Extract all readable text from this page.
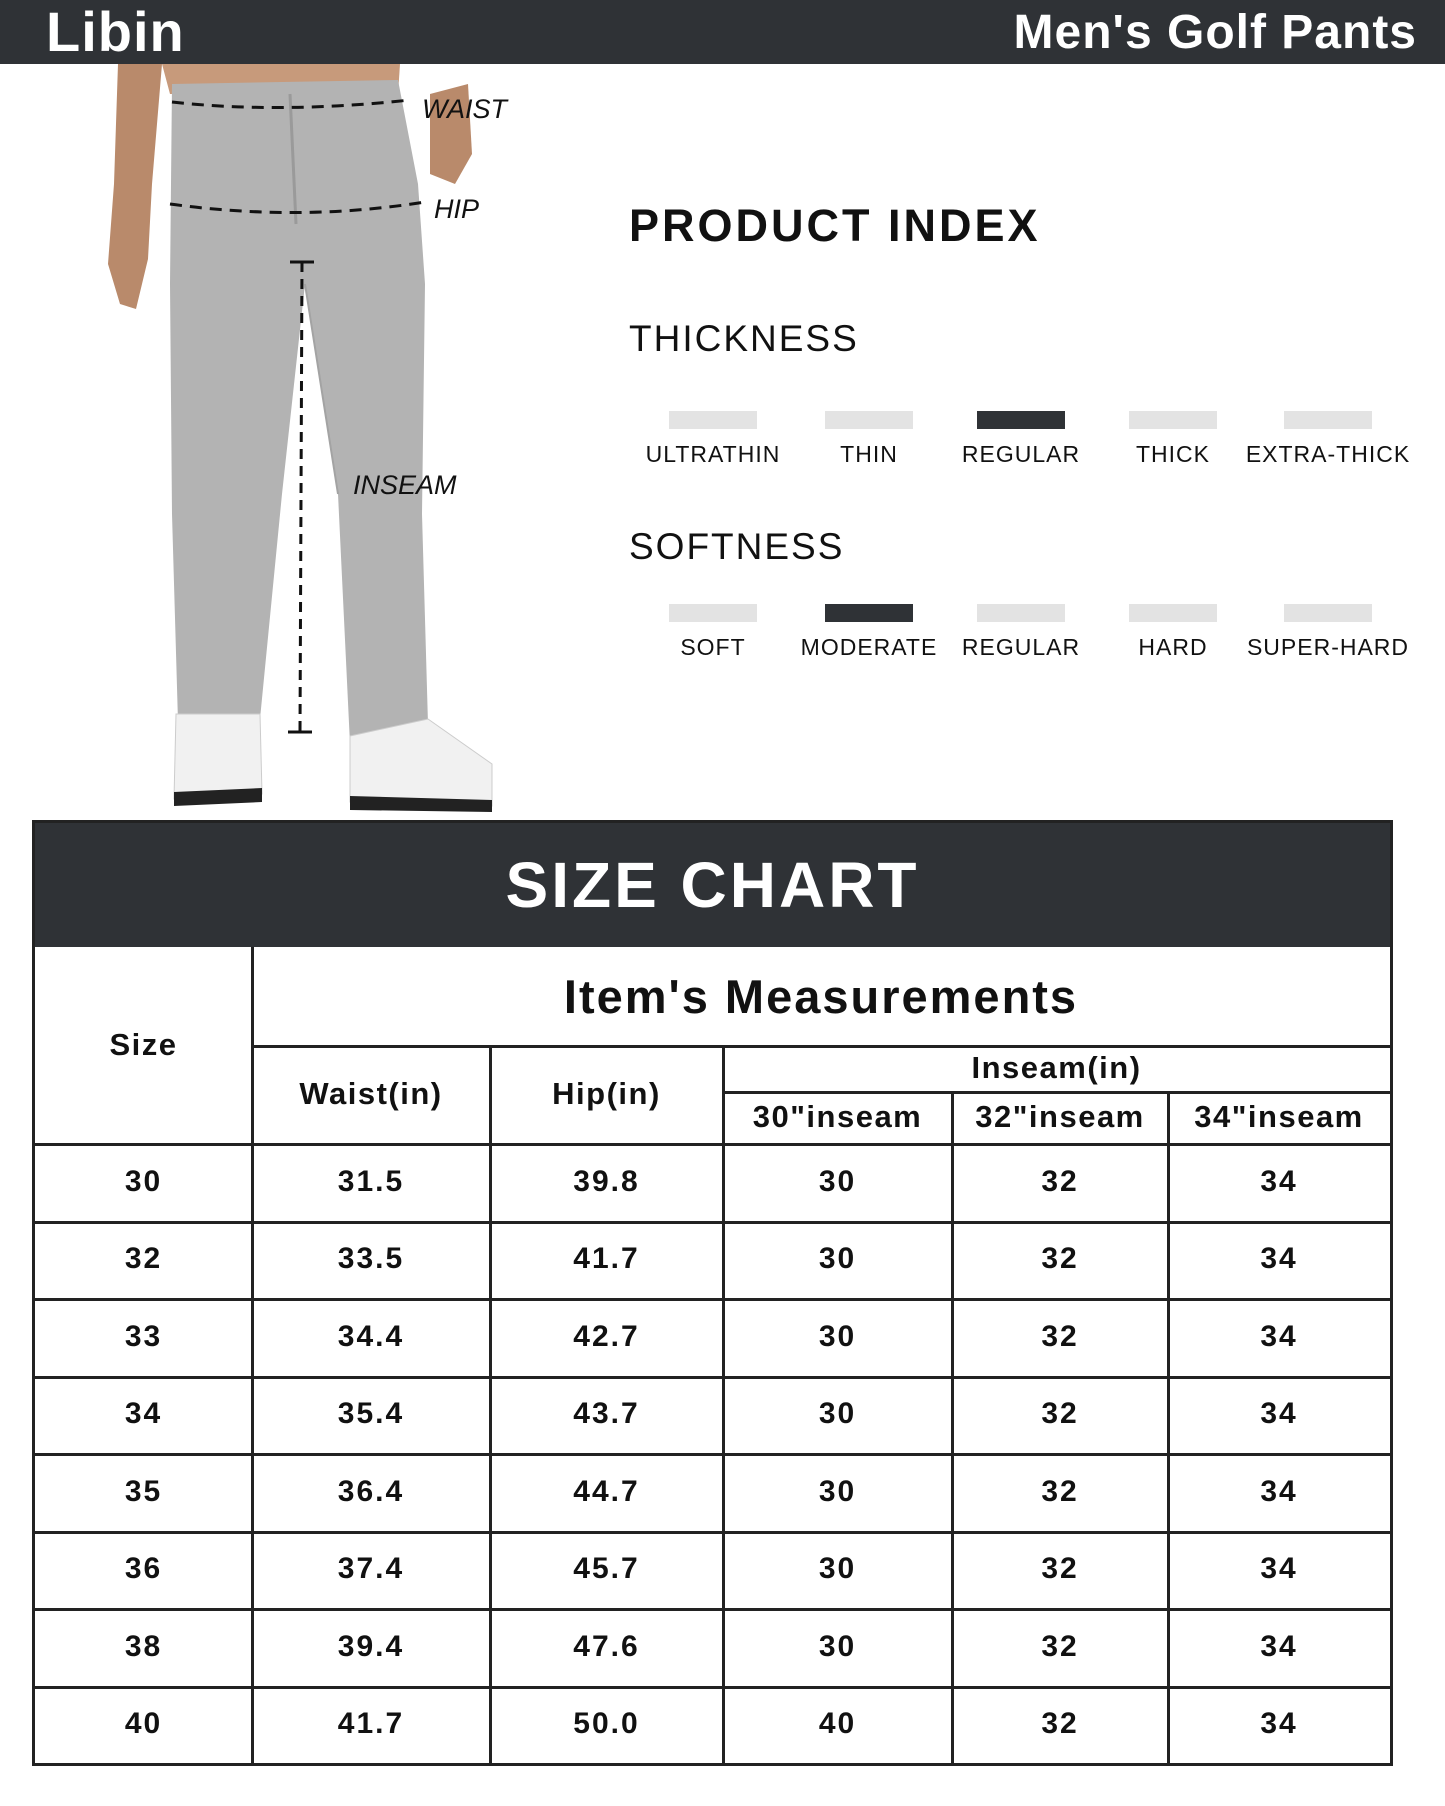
Libin	Men's Golf Pants
WAIST
HIP
INSEAM
PRODUCT INDEX
THICKNESS
ULTRATHIN	THIN	REGULAR	THICK	EXTRA-THICK
SOFTNESS
SOFT	MODERATE	REGULAR	HARD	SUPER-HARD
SIZE CHART
Size
Item's Measurements
Waist(in)	Hip(in)
Inseam(in)
30"inseam	32"inseam	34"inseam
30	31.5	39.8	30	32	34
32	33.5	41.7	30	32	34
33	34.4	42.7	30	32	34
34	35.4	43.7	30	32	34
35	36.4	44.7	30	32	34
36	37.4	45.7	30	32	34
38	39.4	47.6	30	32	34
40	41.7	50.0	40	32	34
